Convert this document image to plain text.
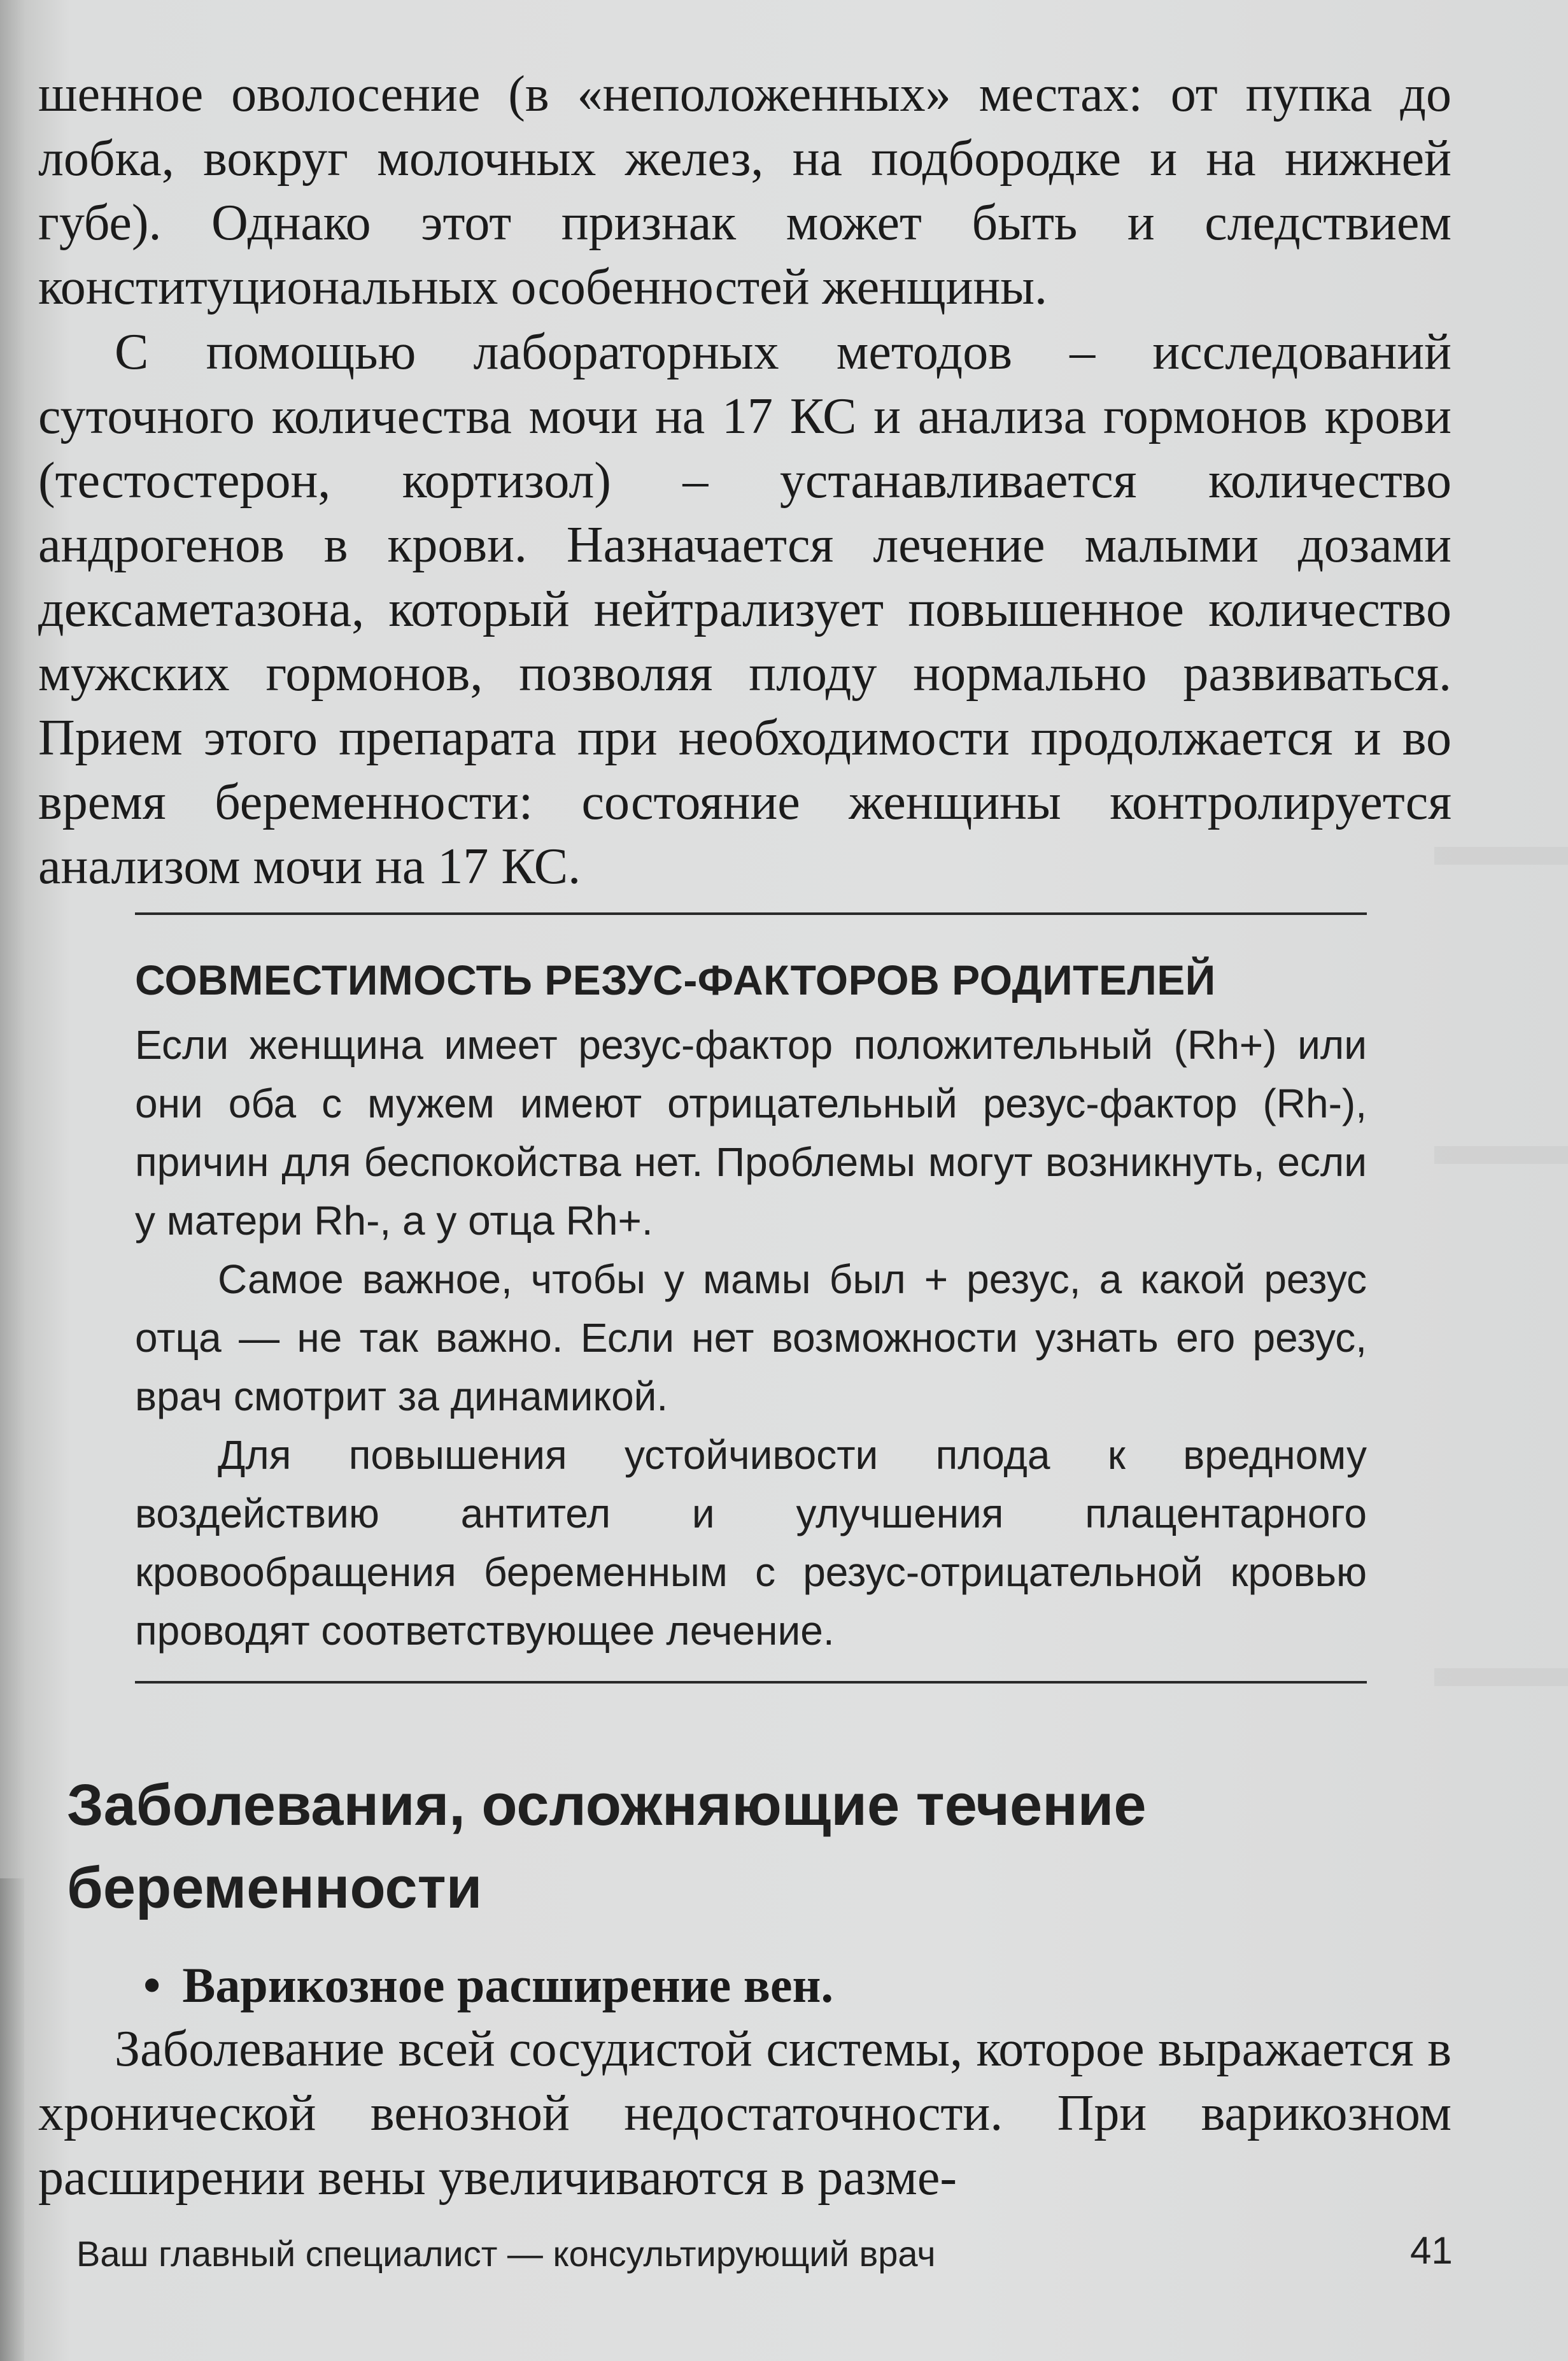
шенное оволосение (в «неположенных» местах: от пупка до лобка, вокруг молочных желез, на подбородке и на нижней губе). Однако этот признак может быть и следствием конституциональных особенностей женщины.

С помощью лабораторных методов – исследований суточного количества мочи на 17 КС и анализа гормонов крови (тестостерон, кортизол) – устанавливается количество андрогенов в крови. Назначается лечение малыми дозами дексаметазона, который нейтрализует повышенное количество мужских гормонов, позволяя плоду нормально развиваться. Прием этого препарата при необходимости продолжается и во время беременности: состояние женщины контролируется анализом мочи на 17 КС.

СОВМЕСТИМОСТЬ РЕЗУС-ФАКТОРОВ РОДИТЕЛЕЙ

Если женщина имеет резус-фактор положительный (Rh+) или они оба с мужем имеют отрицательный резус-фактор (Rh-), причин для беспокойства нет. Проблемы могут возникнуть, если у матери Rh-, а у отца Rh+.

Самое важное, чтобы у мамы был + резус, а какой резус отца — не так важно. Если нет возможности узнать его резус, врач смотрит за динамикой.

Для повышения устойчивости плода к вредному воздействию антител и улучшения плацентарного кровообращения беременным с резус-отрицательной кровью проводят соответствующее лечение.

Заболевания, осложняющие течение беременности

• Варикозное расширение вен.

Заболевание всей сосудистой системы, которое выражается в хронической венозной недостаточности. При варикозном расширении вены увеличиваются в разме-

Ваш главный специалист — консультирующий врач	41
